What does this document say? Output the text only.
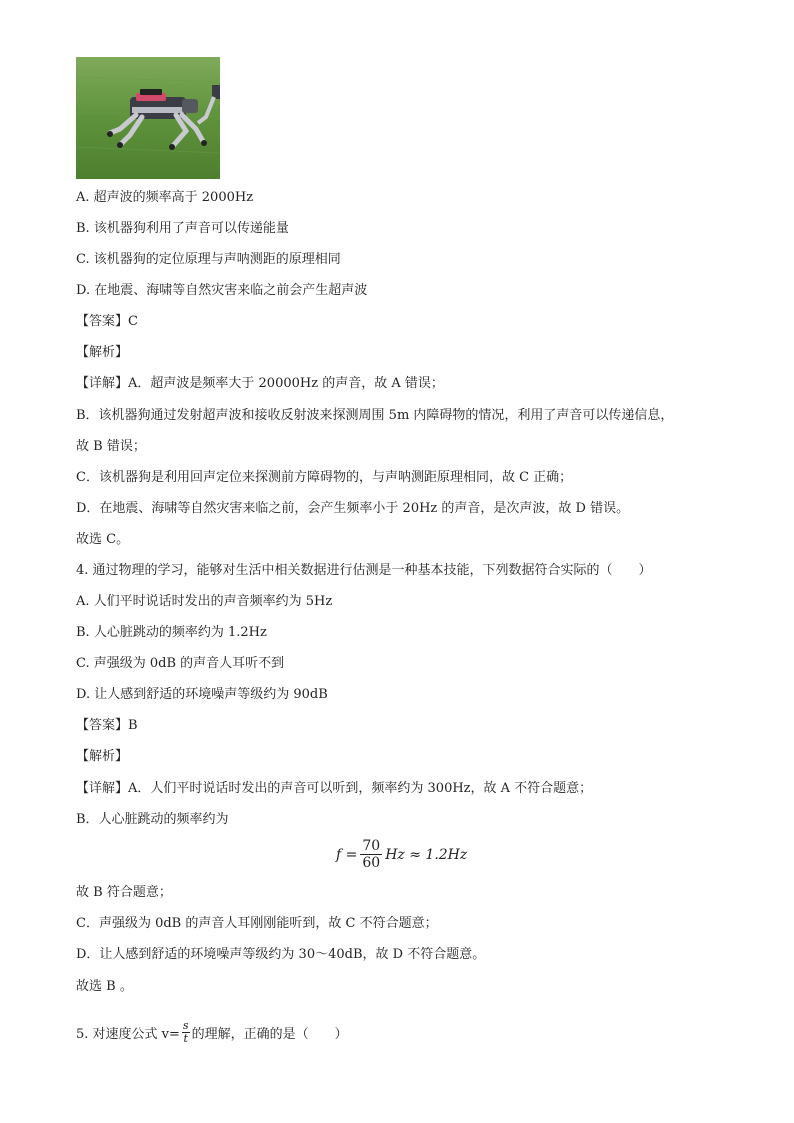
A. 超声波的频率高于 2000Hz
B. 该机器狗利用了声音可以传递能量
C. 该机器狗的定位原理与声呐测距的原理相同
D. 在地震、海啸等自然灾害来临之前会产生超声波
【答案】C
【解析】
【详解】A．超声波是频率大于 20000Hz 的声音，故 A 错误；
B．该机器狗通过发射超声波和接收反射波来探测周围 5m 内障碍物的情况，利用了声音可以传递信息，
故 B 错误；
C．该机器狗是利用回声定位来探测前方障碍物的，与声呐测距原理相同，故 C 正确；
D．在地震、海啸等自然灾害来临之前，会产生频率小于 20Hz 的声音，是次声波，故 D 错误。
故选 C。
4. 通过物理的学习，能够对生活中相关数据进行估测是一种基本技能，下列数据符合实际的（　　）
A. 人们平时说话时发出的声音频率约为 5Hz
B. 人心脏跳动的频率约为 1.2Hz
C. 声强级为 0dB 的声音人耳听不到
D. 让人感到舒适的环境噪声等级约为 90dB
【答案】B
【解析】
【详解】A．人们平时说话时发出的声音可以听到，频率约为 300Hz，故 A 不符合题意；
B．人心脏跳动的频率约为
$f = \frac{70}{60}$ Hz ≈ 1.2Hz
故 B 符合题意；
C．声强级为 0dB 的声音人耳刚刚能听到，故 C 不符合题意；
D．让人感到舒适的环境噪声等级约为 30～40dB，故 D 不符合题意。
故选 B 。
5. 对速度公式 $v= \frac{s}{t}$ 的理解，正确的是（　　）
